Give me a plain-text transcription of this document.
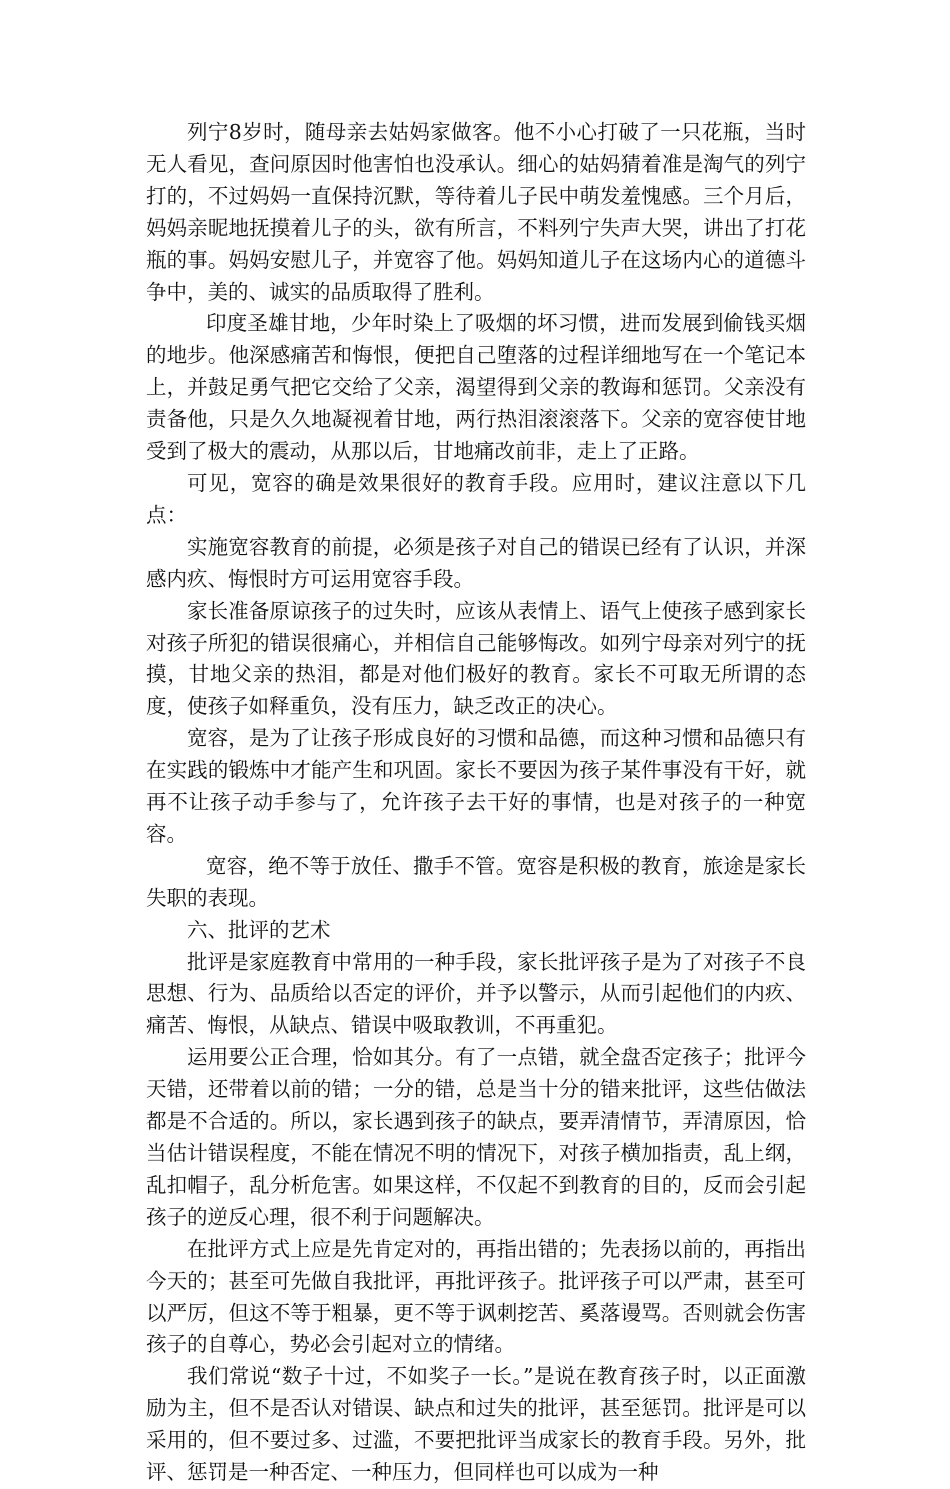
列宁8岁时，随母亲去姑妈家做客。他不小心打破了一只花瓶，当时无人看见，查问原因时他害怕也没承认。细心的姑妈猜着准是淘气的列宁打的，不过妈妈一直保持沉默，等待着儿子民中萌发羞愧感。三个月后，妈妈亲昵地抚摸着儿子的头，欲有所言，不料列宁失声大哭，讲出了打花瓶的事。妈妈安慰儿子，并宽容了他。妈妈知道儿子在这场内心的道德斗争中，美的、诚实的品质取得了胜利。

印度圣雄甘地，少年时染上了吸烟的坏习惯，进而发展到偷钱买烟的地步。他深感痛苦和悔恨，便把自己堕落的过程详细地写在一个笔记本上，并鼓足勇气把它交给了父亲，渴望得到父亲的教诲和惩罚。父亲没有责备他，只是久久地凝视着甘地，两行热泪滚滚落下。父亲的宽容使甘地受到了极大的震动，从那以后，甘地痛改前非，走上了正路。

可见，宽容的确是效果很好的教育手段。应用时，建议注意以下几点：

实施宽容教育的前提，必须是孩子对自己的错误已经有了认识，并深感内疚、悔恨时方可运用宽容手段。

家长准备原谅孩子的过失时，应该从表情上、语气上使孩子感到家长对孩子所犯的错误很痛心，并相信自己能够悔改。如列宁母亲对列宁的抚摸，甘地父亲的热泪，都是对他们极好的教育。家长不可取无所谓的态度，使孩子如释重负，没有压力，缺乏改正的决心。

宽容，是为了让孩子形成良好的习惯和品德，而这种习惯和品德只有在实践的锻炼中才能产生和巩固。家长不要因为孩子某件事没有干好，就再不让孩子动手参与了，允许孩子去干好的事情，也是对孩子的一种宽容。

宽容，绝不等于放任、撒手不管。宽容是积极的教育，旅途是家长失职的表现。

六、批评的艺术

批评是家庭教育中常用的一种手段，家长批评孩子是为了对孩子不良思想、行为、品质给以否定的评价，并予以警示，从而引起他们的内疚、痛苦、悔恨，从缺点、错误中吸取教训，不再重犯。

运用要公正合理，恰如其分。有了一点错，就全盘否定孩子；批评今天错，还带着以前的错；一分的错，总是当十分的错来批评，这些估做法都是不合适的。所以，家长遇到孩子的缺点，要弄清情节，弄清原因，恰当估计错误程度，不能在情况不明的情况下，对孩子横加指责，乱上纲，乱扣帽子，乱分析危害。如果这样，不仅起不到教育的目的，反而会引起孩子的逆反心理，很不利于问题解决。

在批评方式上应是先肯定对的，再指出错的；先表扬以前的，再指出今天的；甚至可先做自我批评，再批评孩子。批评孩子可以严肃，甚至可以严厉，但这不等于粗暴，更不等于讽刺挖苦、奚落谩骂。否则就会伤害孩子的自尊心，势必会引起对立的情绪。

我们常说“数子十过，不如奖子一长。”是说在教育孩子时，以正面激励为主，但不是否认对错误、缺点和过失的批评，甚至惩罚。批评是可以采用的，但不要过多、过滥，不要把批评当成家长的教育手段。另外，批评、惩罚是一种否定、一种压力，但同样也可以成为一种
